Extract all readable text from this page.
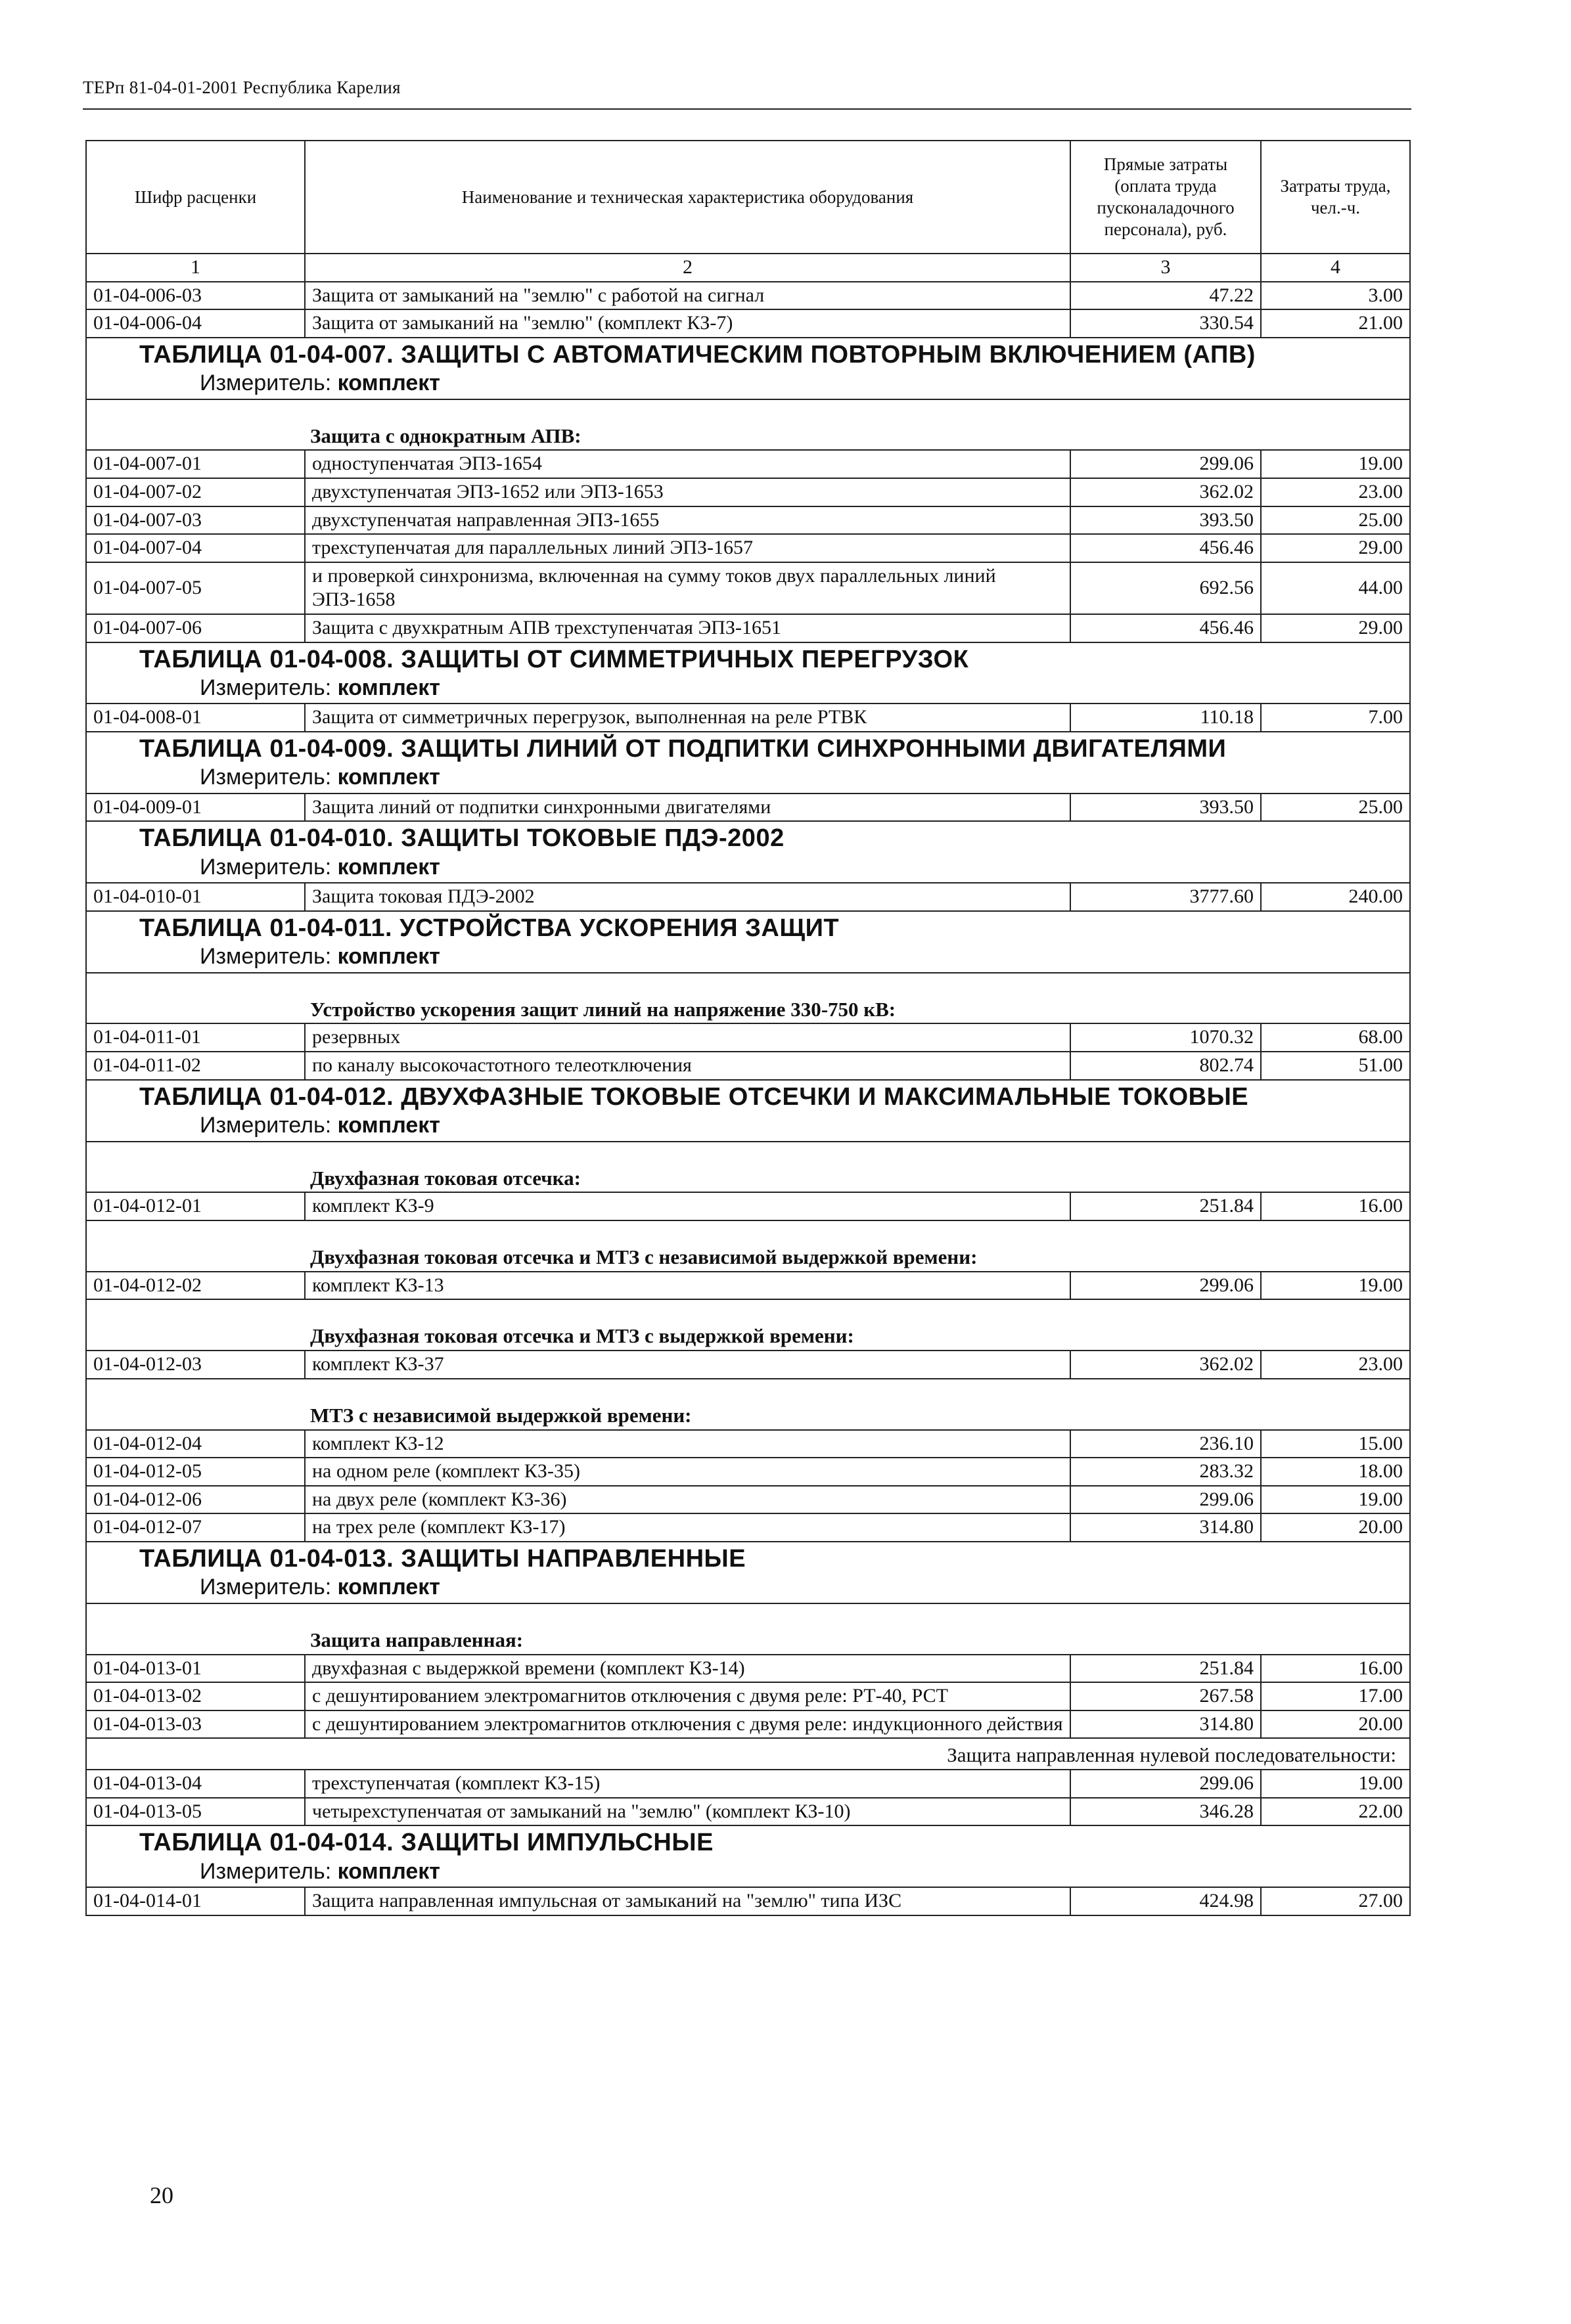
ТЕРп 81-04-01-2001 Республика Карелия
Шифр расценки	Наименование и техническая характеристика оборудования	Прямые затраты (оплата труда пусконаладочного персонала), руб.	Затраты труда, чел.-ч.
1	2	3	4
01-04-006-03	Защита от замыканий на "землю" с работой на сигнал	47.22	3.00
01-04-006-04	Защита от замыканий на "землю" (комплект КЗ-7)	330.54	21.00

ТАБЛИЦА 01-04-007. ЗАЩИТЫ С АВТОМАТИЧЕСКИМ ПОВТОРНЫМ ВКЛЮЧЕНИЕМ (АПВ)
Измеритель: комплект			

Защита с однократным АПВ:			

01-04-007-01	одноступенчатая ЭПЗ-1654	299.06	19.00
01-04-007-02	двухступенчатая ЭПЗ-1652 или ЭПЗ-1653	362.02	23.00
01-04-007-03	двухступенчатая направленная ЭПЗ-1655	393.50	25.00
01-04-007-04	трехступенчатая для параллельных линий ЭПЗ-1657	456.46	29.00
01-04-007-05	и проверкой синхронизма, включенная на сумму токов двух параллельных линий ЭПЗ-1658	692.56	44.00
01-04-007-06	Защита с двухкратным АПВ трехступенчатая ЭПЗ-1651	456.46	29.00

ТАБЛИЦА 01-04-008. ЗАЩИТЫ ОТ СИММЕТРИЧНЫХ ПЕРЕГРУЗОК
Измеритель: комплект			

01-04-008-01	Защита от симметричных перегрузок, выполненная на реле РТВК	110.18	7.00

ТАБЛИЦА 01-04-009. ЗАЩИТЫ ЛИНИЙ ОТ ПОДПИТКИ СИНХРОННЫМИ ДВИГАТЕЛЯМИ
Измеритель: комплект			

01-04-009-01	Защита линий от подпитки синхронными двигателями	393.50	25.00

ТАБЛИЦА 01-04-010. ЗАЩИТЫ ТОКОВЫЕ ПДЭ-2002
Измеритель: комплект			

01-04-010-01	Защита токовая ПДЭ-2002	3777.60	240.00

ТАБЛИЦА 01-04-011. УСТРОЙСТВА УСКОРЕНИЯ ЗАЩИТ
Измеритель: комплект			

Устройство ускорения защит линий на напряжение 330-750 кВ:			

01-04-011-01	резервных	1070.32	68.00
01-04-011-02	по каналу высокочастотного телеотключения	802.74	51.00

ТАБЛИЦА 01-04-012. ДВУХФАЗНЫЕ ТОКОВЫЕ ОТСЕЧКИ И МАКСИМАЛЬНЫЕ ТОКОВЫЕ
Измеритель: комплект			

Двухфазная токовая отсечка:			

01-04-012-01	комплект КЗ-9	251.84	16.00

Двухфазная токовая отсечка и МТЗ с независимой выдержкой времени:			

01-04-012-02	комплект КЗ-13	299.06	19.00

Двухфазная токовая отсечка и МТЗ с выдержкой времени:			

01-04-012-03	комплект КЗ-37	362.02	23.00

МТЗ с независимой выдержкой времени:			

01-04-012-04	комплект КЗ-12	236.10	15.00
01-04-012-05	на одном реле (комплект КЗ-35)	283.32	18.00
01-04-012-06	на двух реле (комплект КЗ-36)	299.06	19.00
01-04-012-07	на трех реле (комплект КЗ-17)	314.80	20.00

ТАБЛИЦА 01-04-013. ЗАЩИТЫ НАПРАВЛЕННЫЕ
Измеритель: комплект			

Защита направленная:			

01-04-013-01	двухфазная с выдержкой времени (комплект КЗ-14)	251.84	16.00
01-04-013-02	с дешунтированием электромагнитов отключения с двумя реле: РТ-40, РСТ	267.58	17.00
01-04-013-03	с дешунтированием электромагнитов отключения с двумя реле: индукционного действия	314.80	20.00

Защита направленная нулевой последовательности:			

01-04-013-04	трехступенчатая (комплект КЗ-15)	299.06	19.00
01-04-013-05	четырехступенчатая от замыканий на "землю" (комплект КЗ-10)	346.28	22.00

ТАБЛИЦА 01-04-014. ЗАЩИТЫ ИМПУЛЬСНЫЕ
Измеритель: комплект			

01-04-014-01	Защита направленная импульсная от замыканий на "землю" типа ИЗС	424.98	27.00
20
